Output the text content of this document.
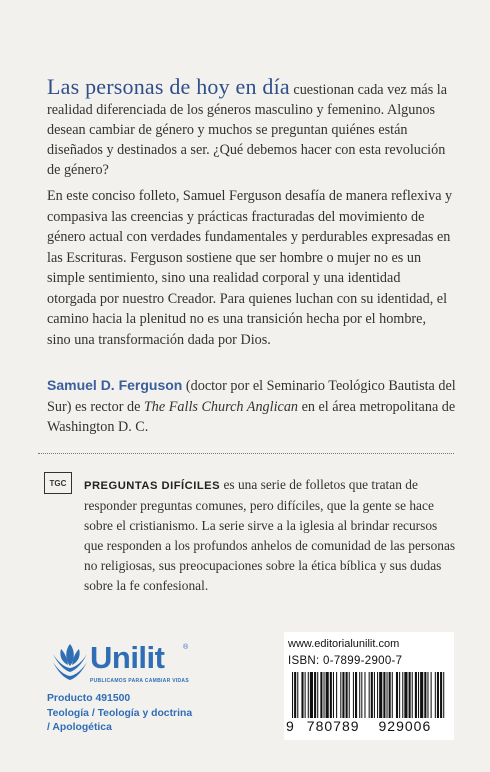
Las personas de hoy en día cuestionan cada vez más la realidad diferenciada de los géneros masculino y femenino. Algunos desean cambiar de género y muchos se preguntan quiénes están diseñados y destinados a ser. ¿Qué debemos hacer con esta revolución de género?

En este conciso folleto, Samuel Ferguson desafía de manera reflexiva y compasiva las creencias y prácticas fracturadas del movimiento de género actual con verdades fundamentales y perdurables expresadas en las Escrituras. Ferguson sostiene que ser hombre o mujer no es un simple sentimiento, sino una realidad corporal y una identidad otorgada por nuestro Creador. Para quienes luchan con su identidad, el camino hacia la plenitud no es una transición hecha por el hombre, sino una transformación dada por Dios.

Samuel D. Ferguson (doctor por el Seminario Teológico Bautista del Sur) es rector de The Falls Church Anglican en el área metropolitana de Washington D. C.

TGC	PREGUNTAS DIFÍCILES es una serie de folletos que tratan de responder preguntas comunes, pero difíciles, que la gente se hace sobre el cristianismo. La serie sirve a la iglesia al brindar recursos que responden a los profundos anhelos de comunidad de las personas no religiosas, sus preocupaciones sobre la ética bíblica y sus dudas sobre la fe confesional.

Unilit	®
PUBLICAMOS PARA CAMBIAR VIDAS
Producto 491500
Teología / Teología y doctrina
/ Apologética
www.editorialunilit.com
ISBN: 0-7899-2900-7
9 780789 929006
